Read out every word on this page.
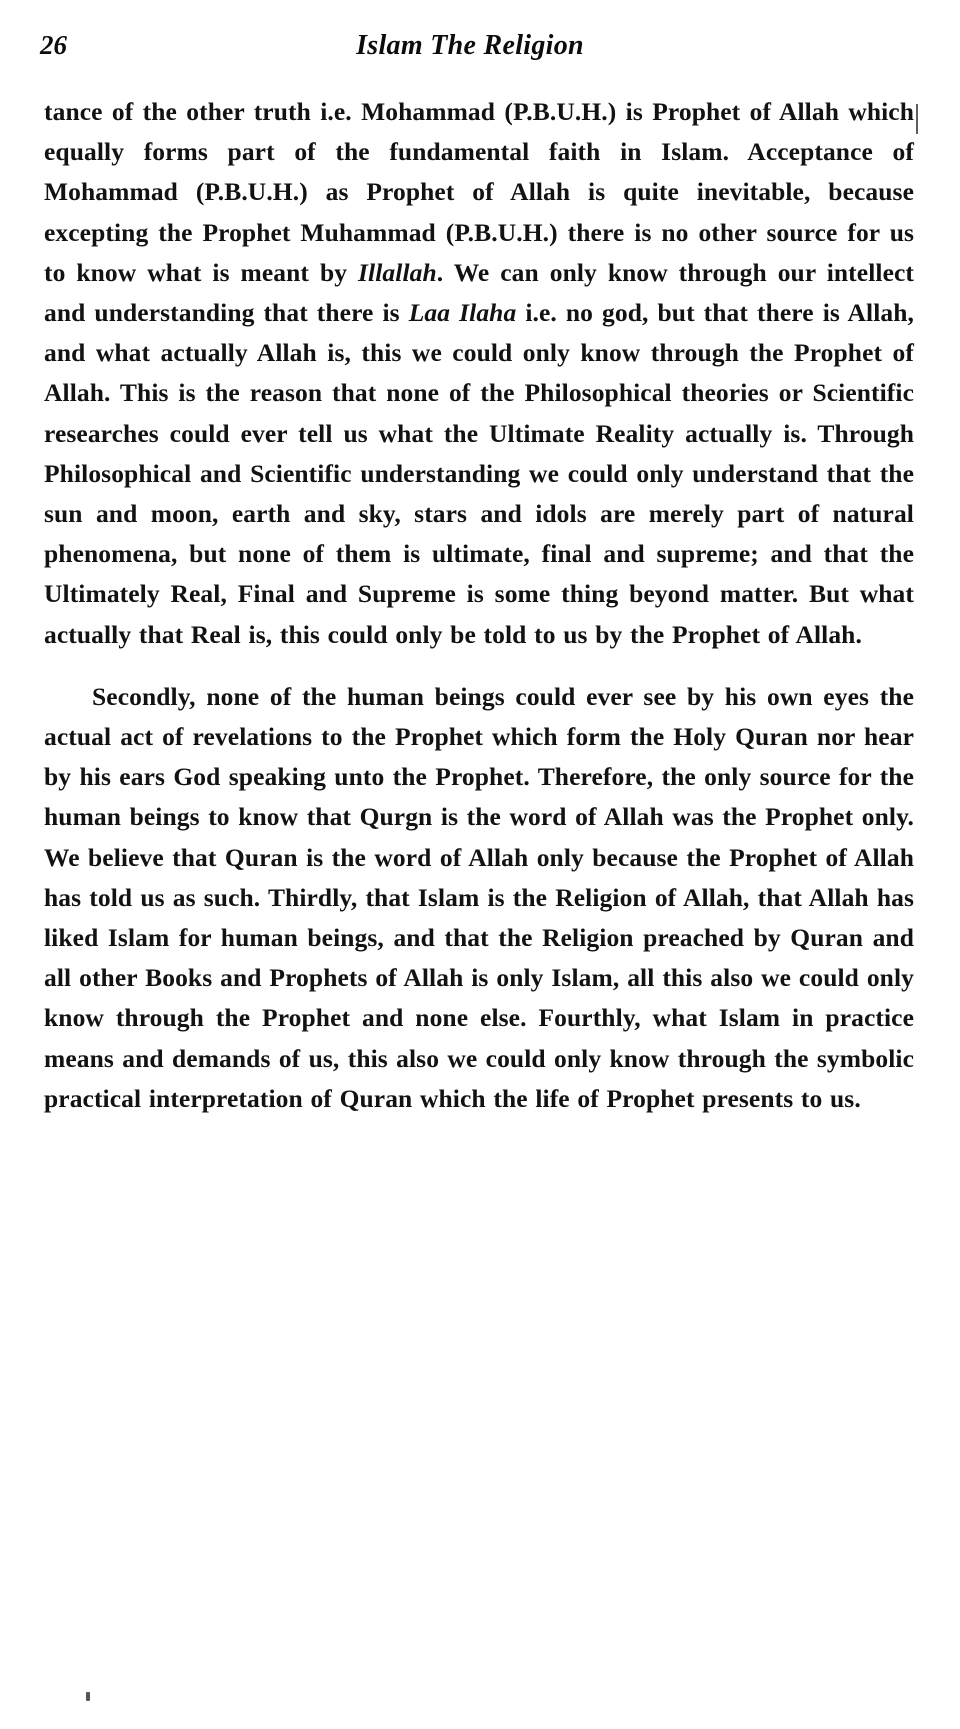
26	Islam The Religion

tance of the other truth i.e. Mohammad (P.B.U.H.) is Prophet of Allah which equally forms part of the fundamental faith in Islam. Acceptance of Mohammad (P.B.U.H.) as Prophet of Allah is quite inevitable, because excepting the Prophet Muhammad (P.B.U.H.) there is no other source for us to know what is meant by Illallah. We can only know through our intellect and understanding that there is Laa Ilaha i.e. no god, but that there is Allah, and what actually Allah is, this we could only know through the Prophet of Allah. This is the reason that none of the Philosophical theories or Scientific researches could ever tell us what the Ultimate Reality actually is. Through Philosophical and Scientific understanding we could only understand that the sun and moon, earth and sky, stars and idols are merely part of natural phenomena, but none of them is ultimate, final and supreme; and that the Ultimately Real, Final and Supreme is some thing beyond matter. But what actually that Real is, this could only be told to us by the Prophet of Allah.

Secondly, none of the human beings could ever see by his own eyes the actual act of revelations to the Prophet which form the Holy Quran nor hear by his ears God speaking unto the Prophet. Therefore, the only source for the human beings to know that Qurgn is the word of Allah was the Prophet only. We believe that Quran is the word of Allah only because the Prophet of Allah has told us as such. Thirdly, that Islam is the Religion of Allah, that Allah has liked Islam for human beings, and that the Religion preached by Quran and all other Books and Prophets of Allah is only Islam, all this also we could only know through the Prophet and none else. Fourthly, what Islam in practice means and demands of us, this also we could only know through the symbolic practical interpretation of Quran which the life of Prophet presents to us.
